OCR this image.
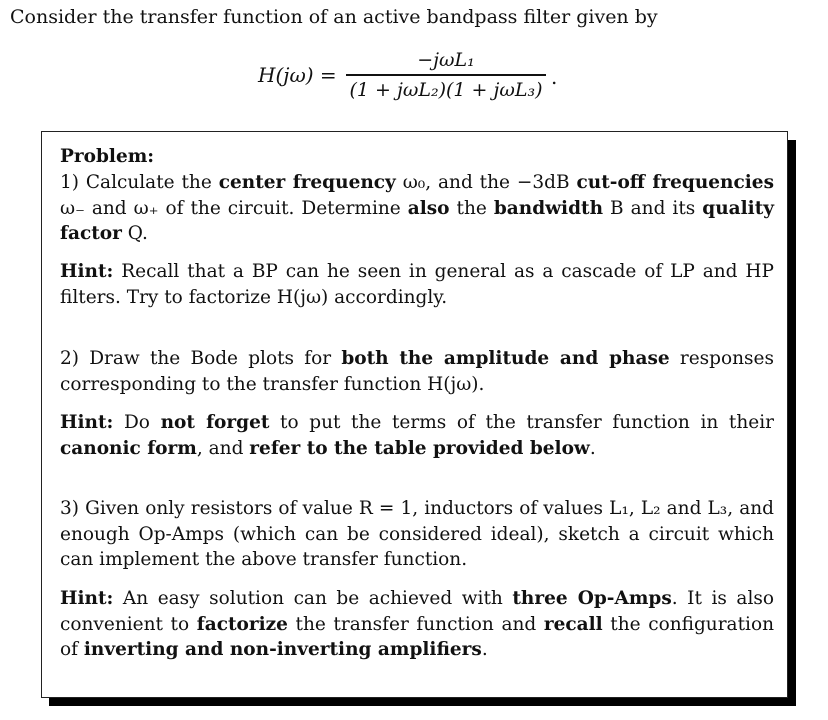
Consider the transfer function of an active bandpass filter given by
H(jω) =
−jωL₁
(1 + jωL₂)(1 + jωL₃)
.
Problem:
1) Calculate the center frequency ω₀, and the −3dB cut-off frequencies ω₋ and ω₊ of the circuit. Determine also the bandwidth B and its quality factor Q.
Hint: Recall that a BP can he seen in general as a cascade of LP and HP filters. Try to factorize H(jω) accordingly.
2) Draw the Bode plots for both the amplitude and phase responses corresponding to the transfer function H(jω).
Hint: Do not forget to put the terms of the transfer function in their canonic form, and refer to the table provided below.
3) Given only resistors of value R = 1, inductors of values L₁, L₂ and L₃, and enough Op-Amps (which can be considered ideal), sketch a circuit which can implement the above transfer function.
Hint: An easy solution can be achieved with three Op-Amps. It is also convenient to factorize the transfer function and recall the configuration of inverting and non-inverting amplifiers.
